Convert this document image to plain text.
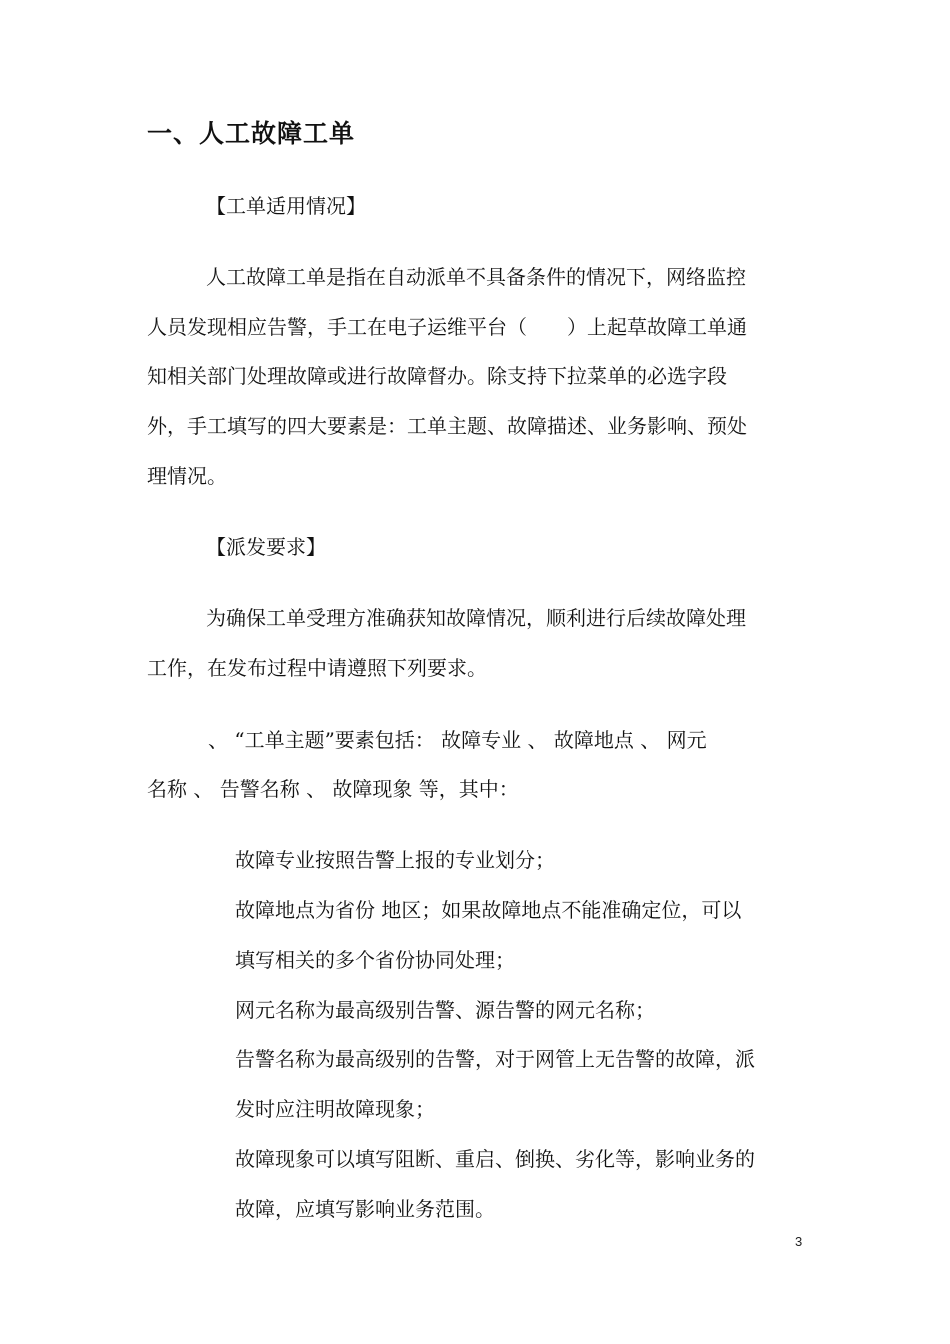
一、人工故障工单
【工单适用情况】
人工故障工单是指在自动派单不具备条件的情况下，网络监控
人员发现相应告警，手工在电子运维平台（　　）上起草故障工单通
知相关部门处理故障或进行故障督办。除支持下拉菜单的必选字段
外，手工填写的四大要素是：工单主题、故障描述、业务影响、预处
理情况。
【派发要求】
为确保工单受理方准确获知故障情况，顺利进行后续故障处理
工作，在发布过程中请遵照下列要求。
、 “工单主题”要素包括： 故障专业 、 故障地点 、 网元
名称 、 告警名称 、 故障现象 等，其中：
故障专业按照告警上报的专业划分；
故障地点为省份 地区；如果故障地点不能准确定位，可以
填写相关的多个省份协同处理；
网元名称为最高级别告警、源告警的网元名称；
告警名称为最高级别的告警，对于网管上无告警的故障，派
发时应注明故障现象；
故障现象可以填写阻断、重启、倒换、劣化等，影响业务的
故障，应填写影响业务范围。
3
